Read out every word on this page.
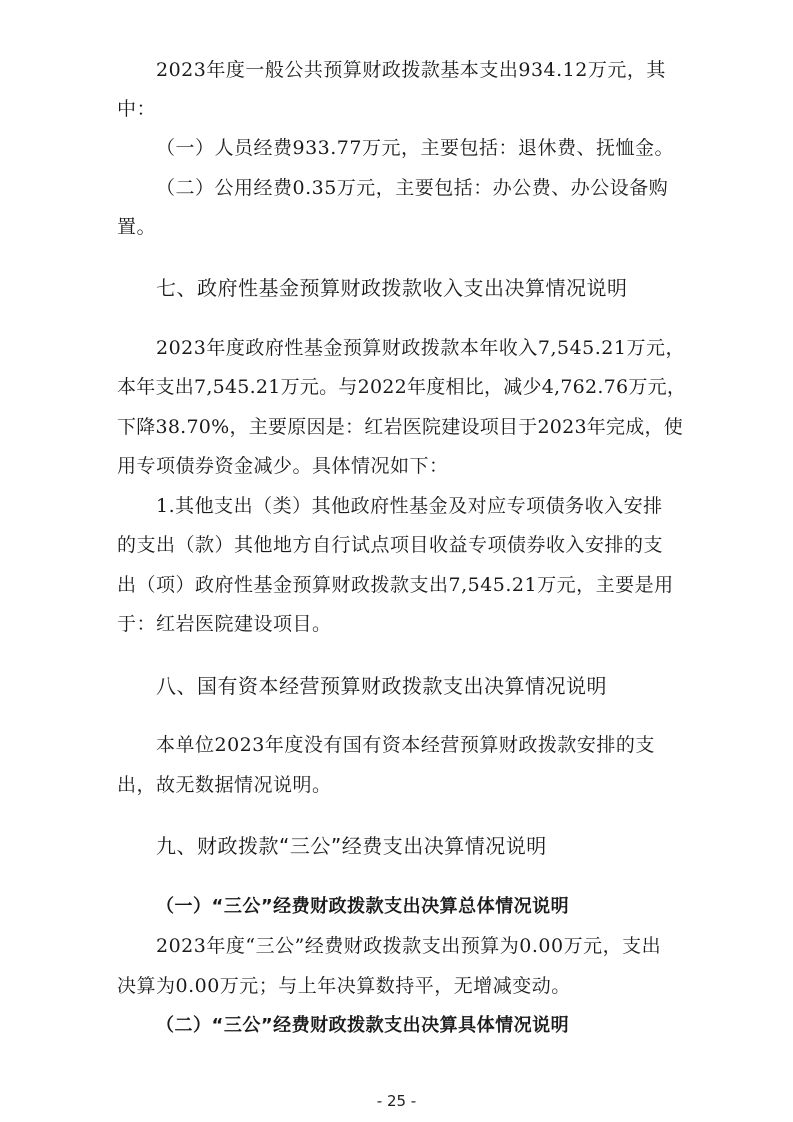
2023年度一般公共预算财政拨款基本支出934.12万元，其
中：
（一）人员经费933.77万元，主要包括：退休费、抚恤金。
（二）公用经费0.35万元，主要包括：办公费、办公设备购
置。
七、政府性基金预算财政拨款收入支出决算情况说明
2023年度政府性基金预算财政拨款本年收入7,545.21万元，
本年支出7,545.21万元。与2022年度相比，减少4,762.76万元，
下降38.70%，主要原因是：红岩医院建设项目于2023年完成，使
用专项债券资金减少。具体情况如下：
1.其他支出（类）其他政府性基金及对应专项债务收入安排
的支出（款）其他地方自行试点项目收益专项债券收入安排的支
出（项）政府性基金预算财政拨款支出7,545.21万元，主要是用
于：红岩医院建设项目。
八、国有资本经营预算财政拨款支出决算情况说明
本单位2023年度没有国有资本经营预算财政拨款安排的支
出，故无数据情况说明。
九、财政拨款“三公”经费支出决算情况说明
（一）“三公”经费财政拨款支出决算总体情况说明
2023年度“三公”经费财政拨款支出预算为0.00万元，支出
决算为0.00万元；与上年决算数持平，无增减变动。
（二）“三公”经费财政拨款支出决算具体情况说明
- 25 -
